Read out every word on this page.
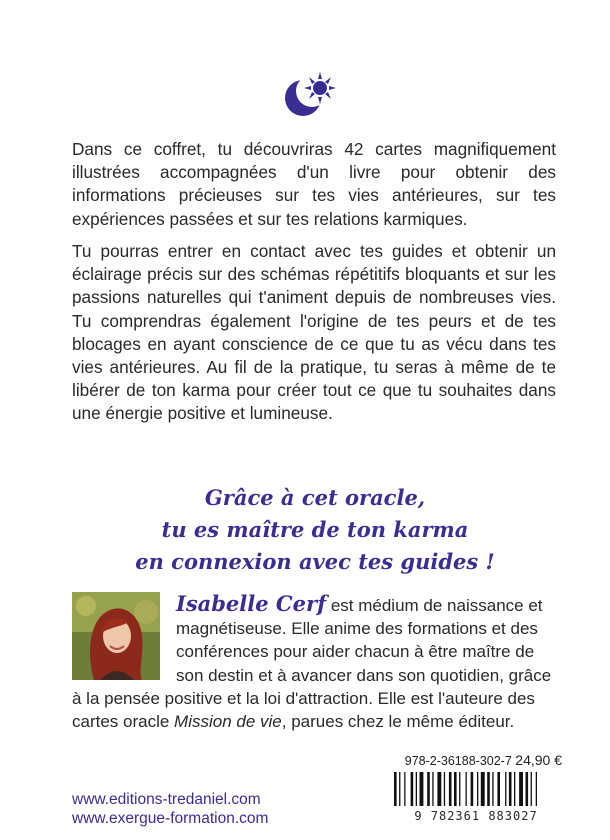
Dans ce coffret, tu découvriras 42 cartes magnifiquement illustrées accompagnées d'un livre pour obtenir des informations précieuses sur tes vies antérieures, sur tes expériences passées et sur tes relations karmiques.

Tu pourras entrer en contact avec tes guides et obtenir un éclairage précis sur des schémas répétitifs bloquants et sur les passions naturelles qui t'animent depuis de nombreuses vies. Tu comprendras également l'origine de tes peurs et de tes blocages en ayant conscience de ce que tu as vécu dans tes vies antérieures. Au fil de la pratique, tu seras à même de te libérer de ton karma pour créer tout ce que tu souhaites dans une énergie positive et lumineuse.

Grâce à cet oracle,
tu es maître de ton karma
en connexion avec tes guides !

Isabelle Cerf est médium de naissance et magnétiseuse. Elle anime des formations et des conférences pour aider chacun à être maître de son destin et à avancer dans son quotidien, grâce à la pensée positive et la loi d'attraction. Elle est l'auteure des cartes oracle Mission de vie, parues chez le même éditeur.

978-2-36188-302-7 24,90 €
9 782361 883027
www.editions-tredaniel.com
www.exergue-formation.com
